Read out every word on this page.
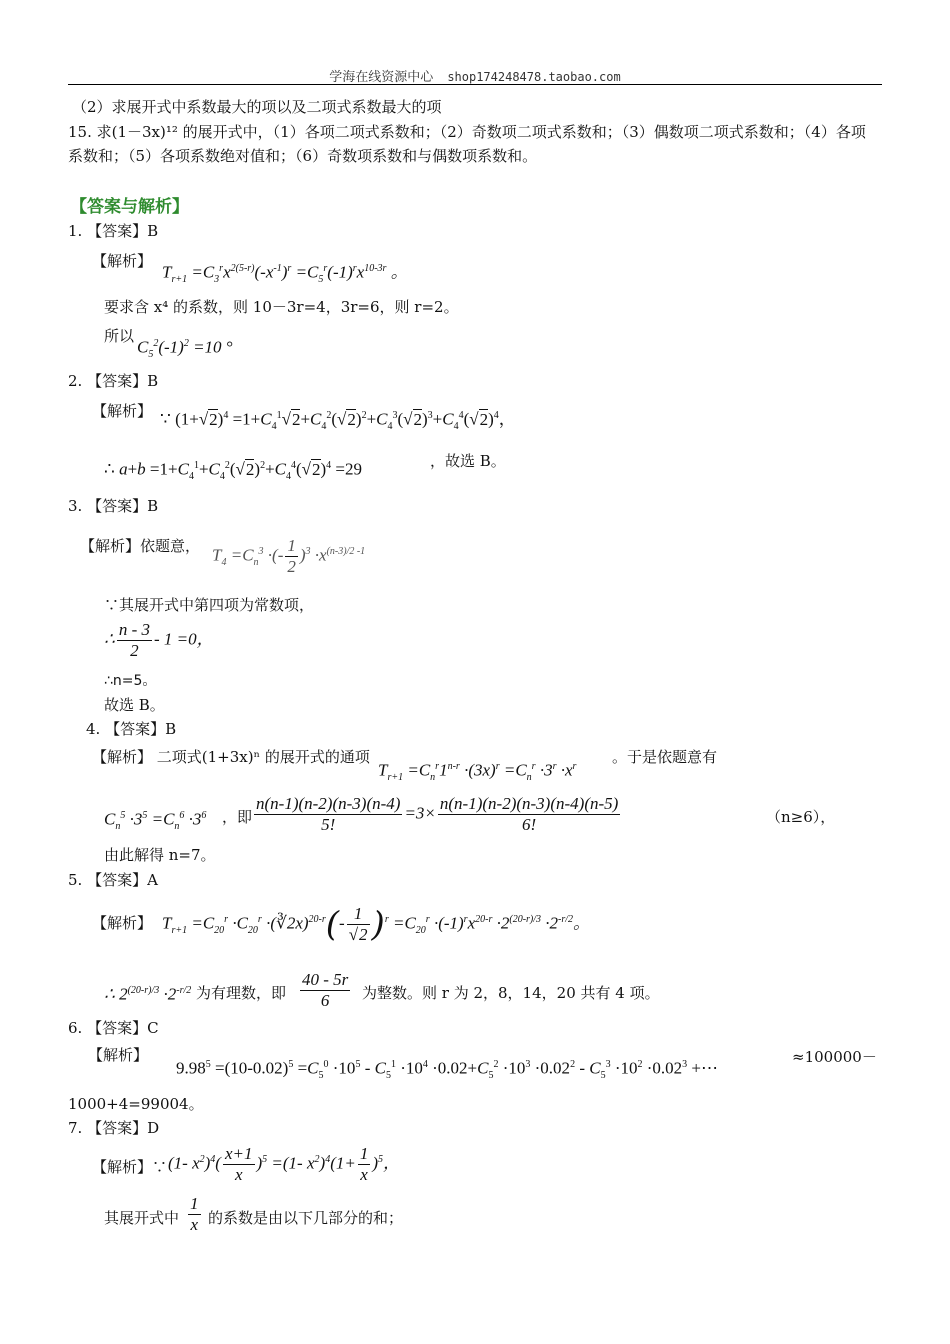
学海在线资源中心 shop174248478.taobao.com
（2）求展开式中系数最大的项以及二项式系数最大的项
15. 求(1－3x)¹² 的展开式中，（1）各项二项式系数和；（2）奇数项二项式系数和；（3）偶数项二项式系数和；（4）各项
系数和；（5）各项系数绝对值和；（6）奇数项系数和与偶数项系数和。
【答案与解析】
1. 【答案】B
【解析】
$T_{r+1} =C_3^rx^{2(5-r)}(-x^{-1})^r =C_5^r(-1)^rx^{10-3r}$ 。
要求含 x⁴ 的系数，则 10－3r=4，3r=6，则 r=2。
所以
$C_5^2(-1)^2 =10$ °
2. 【答案】B
【解析】 ∵ $(1+√2)^4 =1+C_4^1√2+C_4^2(√2)^2+C_4^3(√2)^3+C_4^4(√2)^4$，
∴ $a+b =1+C_4^1+C_4^2(√2)^2+C_4^4(√2)^4 =29$	，故选 B。
3. 【答案】B
【解析】依题意， $T_4 =C_n^3$ ·(- $\frac{1}{2} )^3 \cdot x^{(n-3)/2 -1}$
∵其展开式中第四项为常数项，
∴ $\frac{n - 3}{2} - 1 =0$，
∴n=5。
故选 B。
4. 【答案】B
【解析】 二项式(1+3x)ⁿ 的展开式的通项
$T_{r+1} =C_n^r1^{n-r} \cdot(3x)^r =C_n^r \cdot 3^r \cdot x^r$
。于是依题意有
$C_n^5 \cdot 3^5 =C_n^6 \cdot 3^6$ ，即 $\frac{n(n-1)(n-2)(n-3)(n-4)}{5!} =3\times \frac{n(n-1)(n-2)(n-3)(n-4)(n-5)}{6!}$	（n≥6），
由此解得 n=7。
5. 【答案】A
【解析】 $T_{r+1} =C_{20}^r \cdot C_{20}^r$ ·(∛2x)$^{20-r}$(- $\frac{1}{√2} )^r =C_{20}^r \cdot(-1)^rx^{20-r} \cdot 2^{(20-r)/3} \cdot 2^{-r/2}$。
∴ $2^{(20-r)/3} \cdot 2^{-r/2}$ 为有理数，即 $\frac{40 - 5r}{6}$ 为整数。则 r 为 2，8，14，20 共有 4 项。
6. 【答案】C
【解析】
$9.98^5 =(10-0.02)^5 =C_5^0 \cdot 10^5 - C_5^1 \cdot 10^4 \cdot 0.02+C_5^2 \cdot 10^3 \cdot 0.02^2 - C_5^3 \cdot 10^2 \cdot 0.02^3$ +⋯
≈100000－
1000+4=99004。
7. 【答案】D
【解析】∵ (1- $x^2)^4( \frac{x+1}{x} )^5 =(1-$ $x^2)^4(1+ \frac{1}{x} )^5$，
其展开式中 $\frac{1}{x}$ 的系数是由以下几部分的和；
